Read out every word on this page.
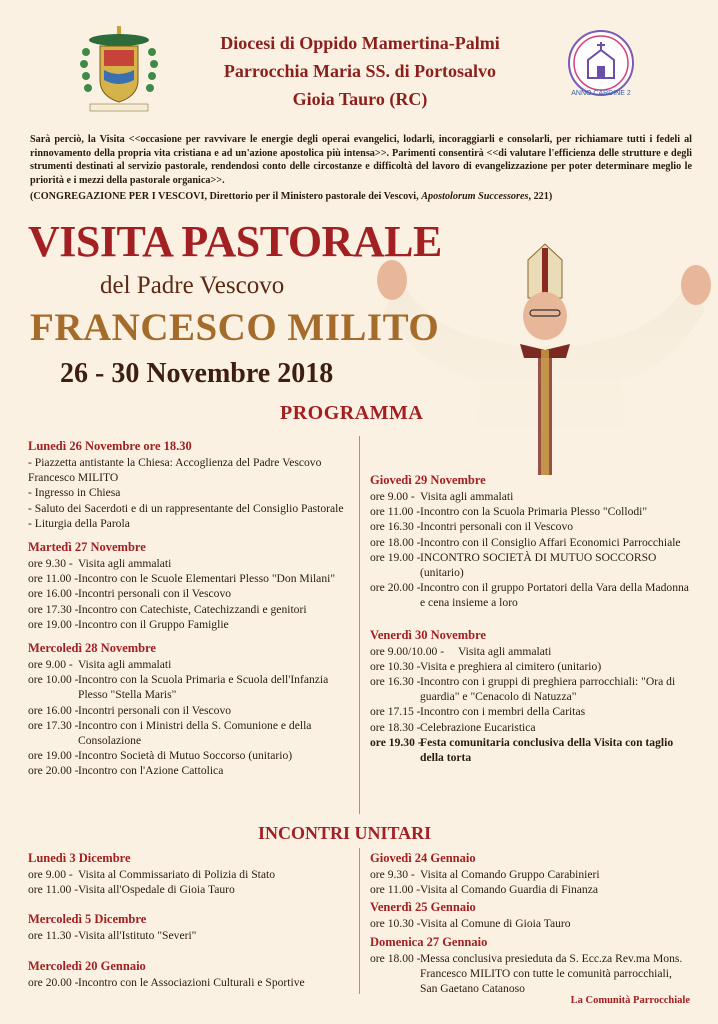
Diocesi di Oppido Mamertina-Palmi
Parrocchia Maria SS. di Portosalvo
Gioia Tauro (RC)	ANNO CARDINE 2
Sarà perciò, la Visita <<occasione per ravvivare le energie degli operai evangelici, lodarli, incoraggiarli e consolarli, per richiamare tutti i fedeli al rinnovamento della propria vita cristiana e ad un'azione apostolica più intensa>>. Parimenti consentirà <<di valutare l'efficienza delle strutture e degli strumenti destinati al servizio pastorale, rendendosi conto delle circostanze e difficoltà del lavoro di evangelizzazione per poter determinare meglio le priorità e i mezzi della pastorale organica>>.
(CONGREGAZIONE PER I VESCOVI, Direttorio per il Ministero pastorale dei Vescovi, Apostolorum Successores, 221)
VISITA PASTORALE
del Padre Vescovo
FRANCESCO MILITO
26 - 30 Novembre 2018
PROGRAMMA
Lunedì 26 Novembre ore 18.30
- Piazzetta antistante la Chiesa: Accoglienza del Padre Vescovo Francesco MILITO
- Ingresso in Chiesa
- Saluto dei Sacerdoti e di un rappresentante del Consiglio Pastorale
- Liturgia della Parola
Martedì 27 Novembre
ore 9.30 - Visita agli ammalati
ore 11.00 - Incontro con le Scuole Elementari Plesso "Don Milani"
ore 16.00 - Incontri personali con il Vescovo
ore 17.30 - Incontro con Catechiste, Catechizzandi e genitori
ore 19.00 - Incontro con il Gruppo Famiglie
Mercoledì 28 Novembre
ore 9.00 - Visita agli ammalati
ore 10.00 - Incontro con la Scuola Primaria e Scuola dell'Infanzia Plesso "Stella Maris"
ore 16.00 - Incontri personali con il Vescovo
ore 17.30 - Incontro con i Ministri della S. Comunione e della Consolazione
ore 19.00 - Incontro Società di Mutuo Soccorso (unitario)
ore 20.00 - Incontro con l'Azione Cattolica
Giovedì 29 Novembre
ore 9.00 - Visita agli ammalati
ore 11.00 - Incontro con la Scuola Primaria Plesso "Collodi"
ore 16.30 - Incontri personali con il Vescovo
ore 18.00 - Incontro con il Consiglio Affari Economici Parrocchiale
ore 19.00 - INCONTRO SOCIETÀ DI MUTUO SOCCORSO (unitario)
ore 20.00 - Incontro con il gruppo Portatori della Vara della Madonna e cena insieme a loro
Venerdì 30 Novembre
ore 9.00/10.00 -	Visita agli ammalati
ore 10.30 - Visita e preghiera al cimitero (unitario)
ore 16.30 - Incontro con i gruppi di preghiera parrocchiali: "Ora di guardia" e "Cenacolo di Natuzza"
ore 17.15 - Incontro con i membri della Caritas
ore 18.30 - Celebrazione Eucaristica
ore 19.30 -
Festa comunitaria conclusiva della Visita con taglio della torta
INCONTRI UNITARI
Lunedì 3 Dicembre
ore 9.00 - Visita al Commissariato di Polizia di Stato
ore 11.00 - Visita all'Ospedale di Gioia Tauro
Mercoledì 5 Dicembre
ore 11.30 - Visita all'Istituto "Severi"
Mercoledì 20 Gennaio
ore 20.00 - Incontro con le Associazioni Culturali e Sportive
Giovedì 24 Gennaio
ore 9.30 - Visita al Comando Gruppo Carabinieri
ore 11.00 - Visita al Comando Guardia di Finanza
Venerdì 25 Gennaio
ore 10.30 - Visita al Comune di Gioia Tauro
Domenica 27 Gennaio
ore 18.00 - Messa conclusiva presieduta da S. Ecc.za Rev.ma Mons. Francesco MILITO con tutte le comunità parrocchiali, San Gaetano Catanoso
La Comunità Parrocchiale
